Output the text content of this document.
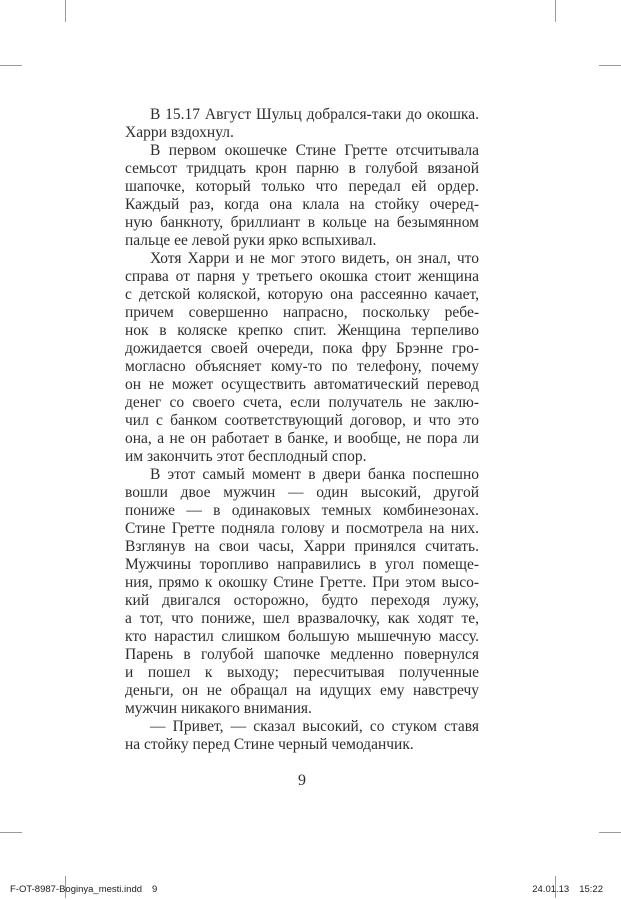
В 15.17 Август Шульц добрался-таки до окошка.
Харри вздохнул.
В первом окошечке Стине Гретте отсчитывала
семьсот тридцать крон парню в голубой вязаной
шапочке, который только что передал ей ордер.
Каждый раз, когда она клала на стойку очеред-
ную банкноту, бриллиант в кольце на безымянном
пальце ее левой руки ярко вспыхивал.
Хотя Харри и не мог этого видеть, он знал, что
справа от парня у третьего окошка стоит женщина
с детской коляской, которую она рассеянно качает,
причем совершенно напрасно, поскольку ребе-
нок в коляске крепко спит. Женщина терпеливо
дожидается своей очереди, пока фру Брэнне гро-
могласно объясняет кому-то по телефону, почему
он не может осуществить автоматический перевод
денег со своего счета, если получатель не заклю-
чил с банком соответствующий договор, и что это
она, а не он работает в банке, и вообще, не пора ли
им закончить этот бесплодный спор.
В этот самый момент в двери банка поспешно
вошли двое мужчин — один высокий, другой
пониже — в одинаковых темных комбинезонах.
Стине Гретте подняла голову и посмотрела на них.
Взглянув на свои часы, Харри принялся считать.
Мужчины торопливо направились в угол помеще-
ния, прямо к окошку Стине Гретте. При этом высо-
кий двигался осторожно, будто переходя лужу,
а тот, что пониже, шел вразвалочку, как ходят те,
кто нарастил слишком большую мышечную массу.
Парень в голубой шапочке медленно повернулся
и пошел к выходу; пересчитывая полученные
деньги, он не обращал на идущих ему навстречу
мужчин никакого внимания.
— Привет, — сказал высокий, со стуком ставя
на стойку перед Стине черный чемоданчик.
9
F-OT-8987-Boginya_mesti.indd 9	24.01.13 15:22
